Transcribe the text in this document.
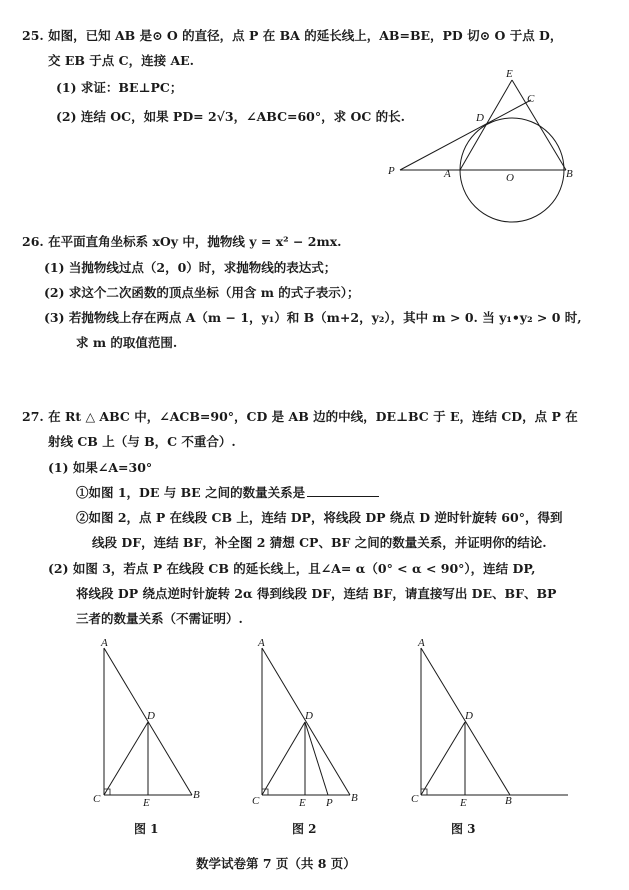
25. 如图，已知 AB 是⊙ O 的直径，点 P 在 BA 的延长线上，AB=BE，PD 切⊙ O 于点 D，
交 EB 于点 C，连接 AE.
(1) 求证：BE⊥PC；
(2) 连结 OC，如果 PD= 2√3，∠ABC=60°，求 OC 的长.
E
C
D
P	A	O	B
26. 在平面直角坐标系 xOy 中，抛物线 y = x² − 2mx.
(1) 当抛物线过点（2，0）时，求抛物线的表达式；
(2) 求这个二次函数的顶点坐标（用含 m 的式子表示）；
(3) 若抛物线上存在两点 A（m − 1，y₁）和 B（m+2，y₂），其中 m > 0. 当 y₁•y₂ > 0 时,
求 m 的取值范围.
27. 在 Rt △ ABC 中，∠ACB=90°，CD 是 AB 边的中线，DE⊥BC 于 E，连结 CD，点 P 在
射线 CB 上（与 B，C 不重合）.
(1) 如果∠A=30°
①如图 1，DE 与 BE 之间的数量关系是
②如图 2，点 P 在线段 CB 上，连结 DP，将线段 DP 绕点 D 逆时针旋转 60°，得到
线段 DF，连结 BF，补全图 2 猜想 CP、BF 之间的数量关系，并证明你的结论.
(2) 如图 3，若点 P 在线段 CB 的延长线上，且∠A= α（0° < α < 90°），连结 DP,
将线段 DP 绕点逆时针旋转 2α 得到线段 DF，连结 BF，请直接写出 DE、BF、BP
三者的数量关系（不需证明）.
A
D
C	E
B
图 1
A
D
C	E P B
图 2
A
D
C	E	B
图 3
数学试卷第 7 页（共 8 页）
